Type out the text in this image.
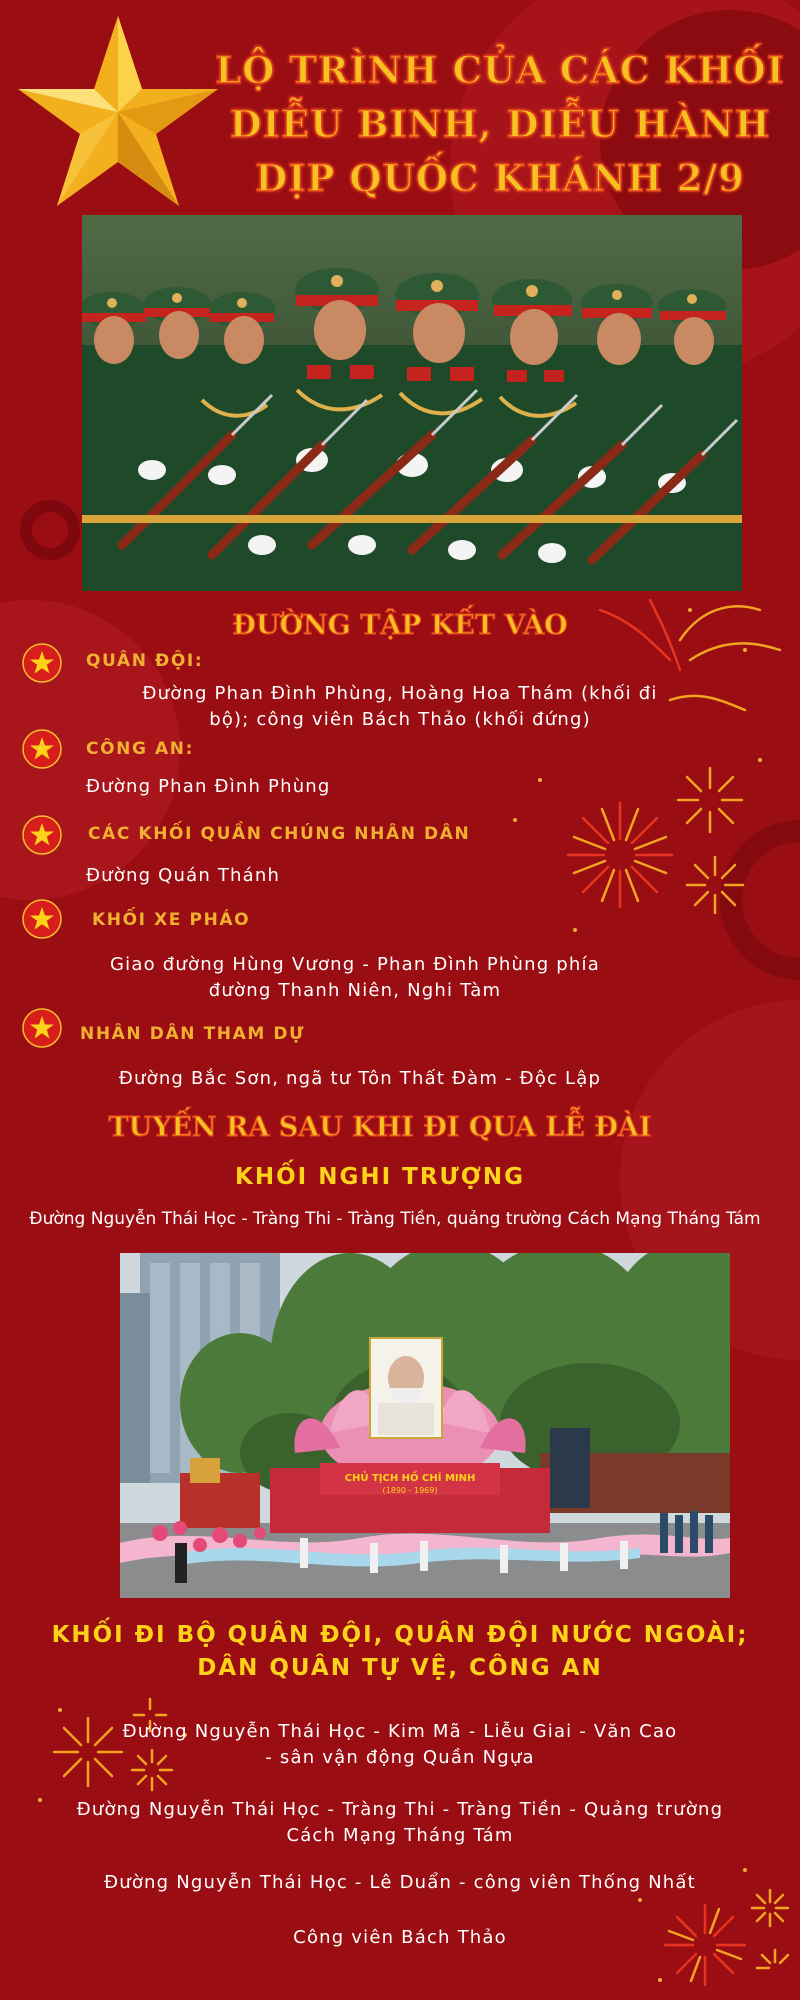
LỘ TRÌNH CỦA CÁC KHỐI
DIỄU BINH, DIỄU HÀNH
DỊP QUỐC KHÁNH 2/9
ĐƯỜNG TẬP KẾT VÀO
QUÂN ĐỘI:
Đường Phan Đình Phùng, Hoàng Hoa Thám (khối đi
bộ); công viên Bách Thảo (khối đứng)
CÔNG AN:
Đường Phan Đình Phùng
CÁC KHỐI QUẦN CHÚNG NHÂN DÂN
Đường Quán Thánh
KHỐI XE PHÁO
Giao đường Hùng Vương - Phan Đình Phùng phía
đường Thanh Niên, Nghi Tàm
NHÂN DÂN THAM DỰ
Đường Bắc Sơn, ngã tư Tôn Thất Đàm - Độc Lập
TUYẾN RA SAU KHI ĐI QUA LỄ ĐÀI
KHỐI NGHI TRƯỢNG
Đường Nguyễn Thái Học - Tràng Thi - Tràng Tiền, quảng trường Cách Mạng Tháng Tám
CHỦ TỊCH HỒ CHÍ MINH
(1890 - 1969)
KHỐI ĐI BỘ QUÂN ĐỘI, QUÂN ĐỘI NƯỚC NGOÀI;
DÂN QUÂN TỰ VỆ, CÔNG AN
Đường Nguyễn Thái Học - Kim Mã - Liễu Giai - Văn Cao
- sân vận động Quần Ngựa
Đường Nguyễn Thái Học - Tràng Thi - Tràng Tiền - Quảng trường
Cách Mạng Tháng Tám
Đường Nguyễn Thái Học - Lê Duẩn - công viên Thống Nhất
Công viên Bách Thảo
